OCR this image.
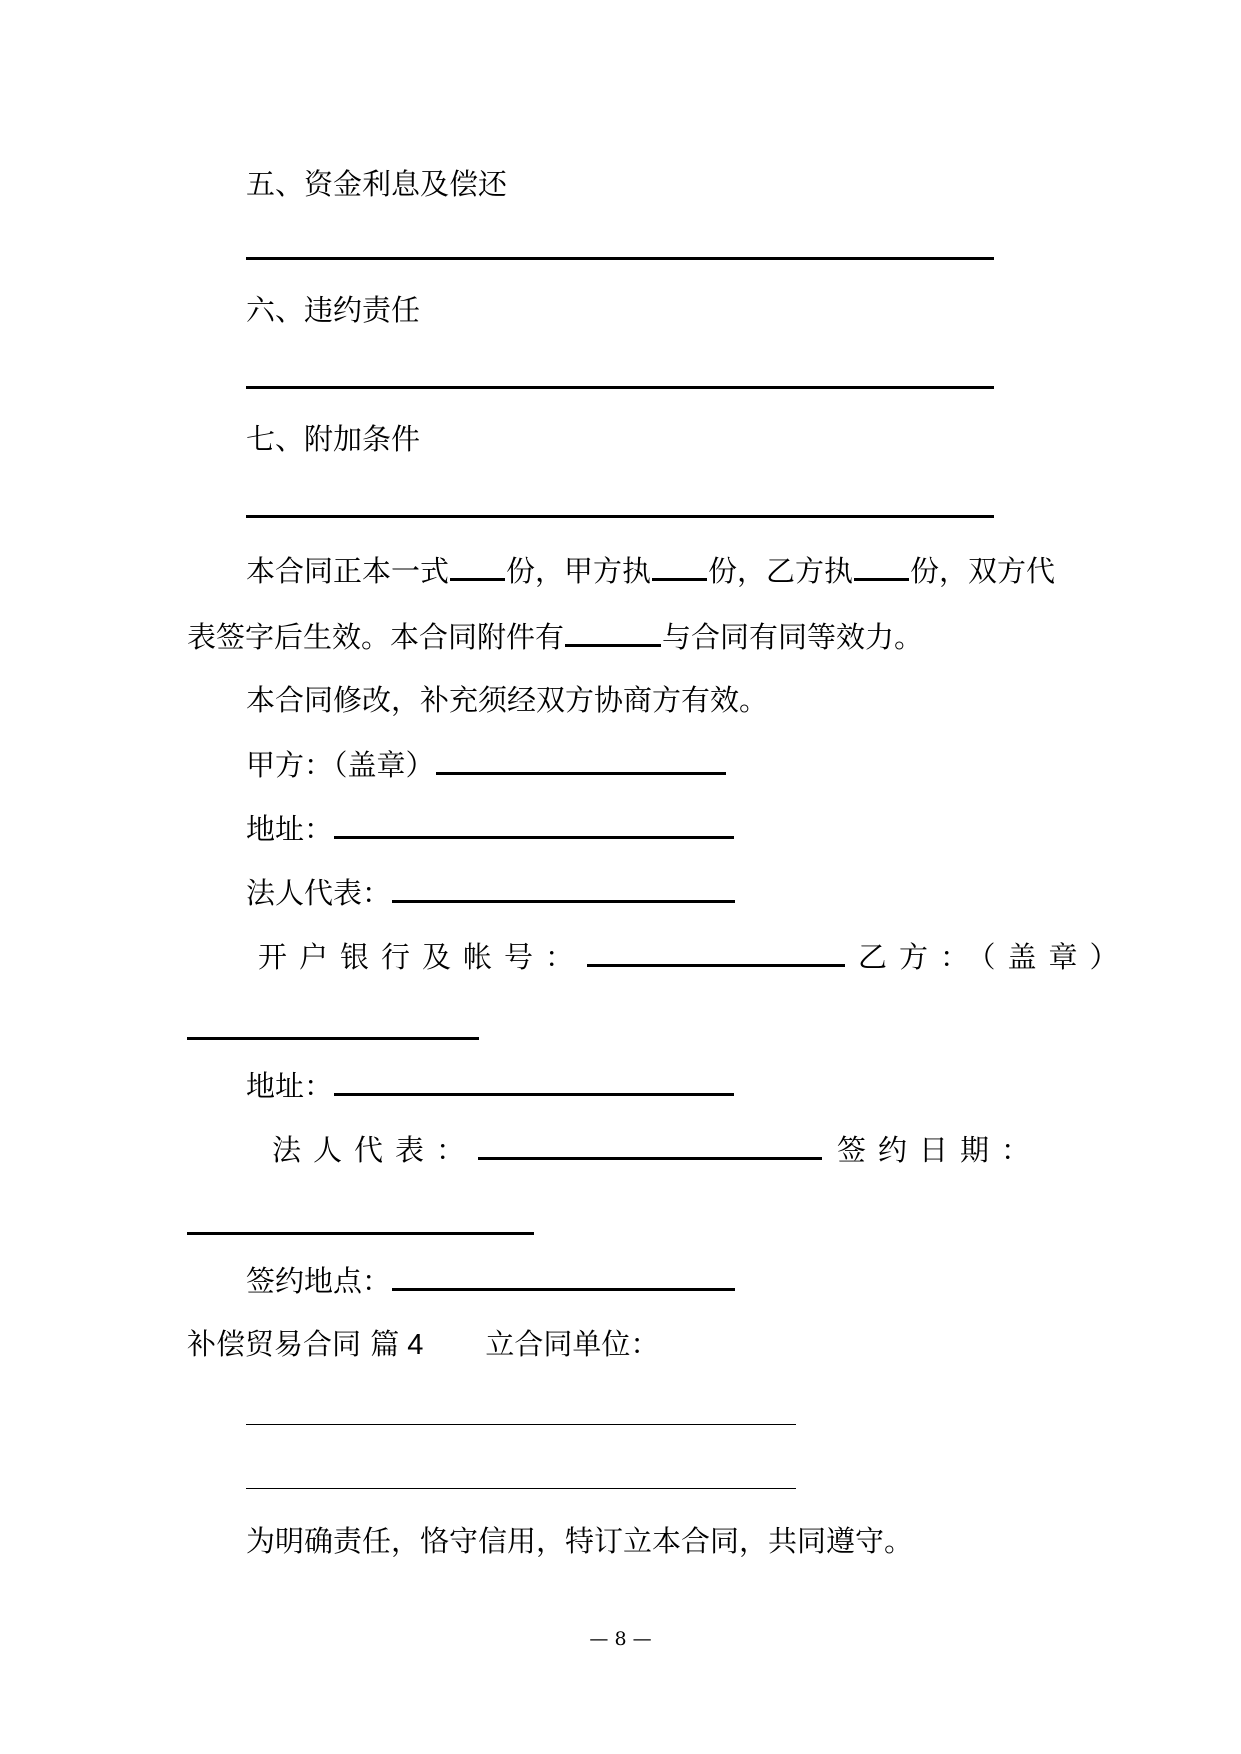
五、资金利息及偿还
六、违约责任
七、附加条件
本合同正本一式 份，甲方执 份，乙方执 份，双方代
表签字后生效。本合同附件有	与合同有同等效力。
本合同修改，补充须经双方协商方有效。
甲方：（盖章）
地址：
法人代表：
开户银行及帐号：	乙方：（盖章）
地址：
法人代表：	签约日期：
签约地点：
补偿贸易合同 篇 4 立合同单位：
为明确责任，恪守信用，特订立本合同，共同遵守。
— 8 —
